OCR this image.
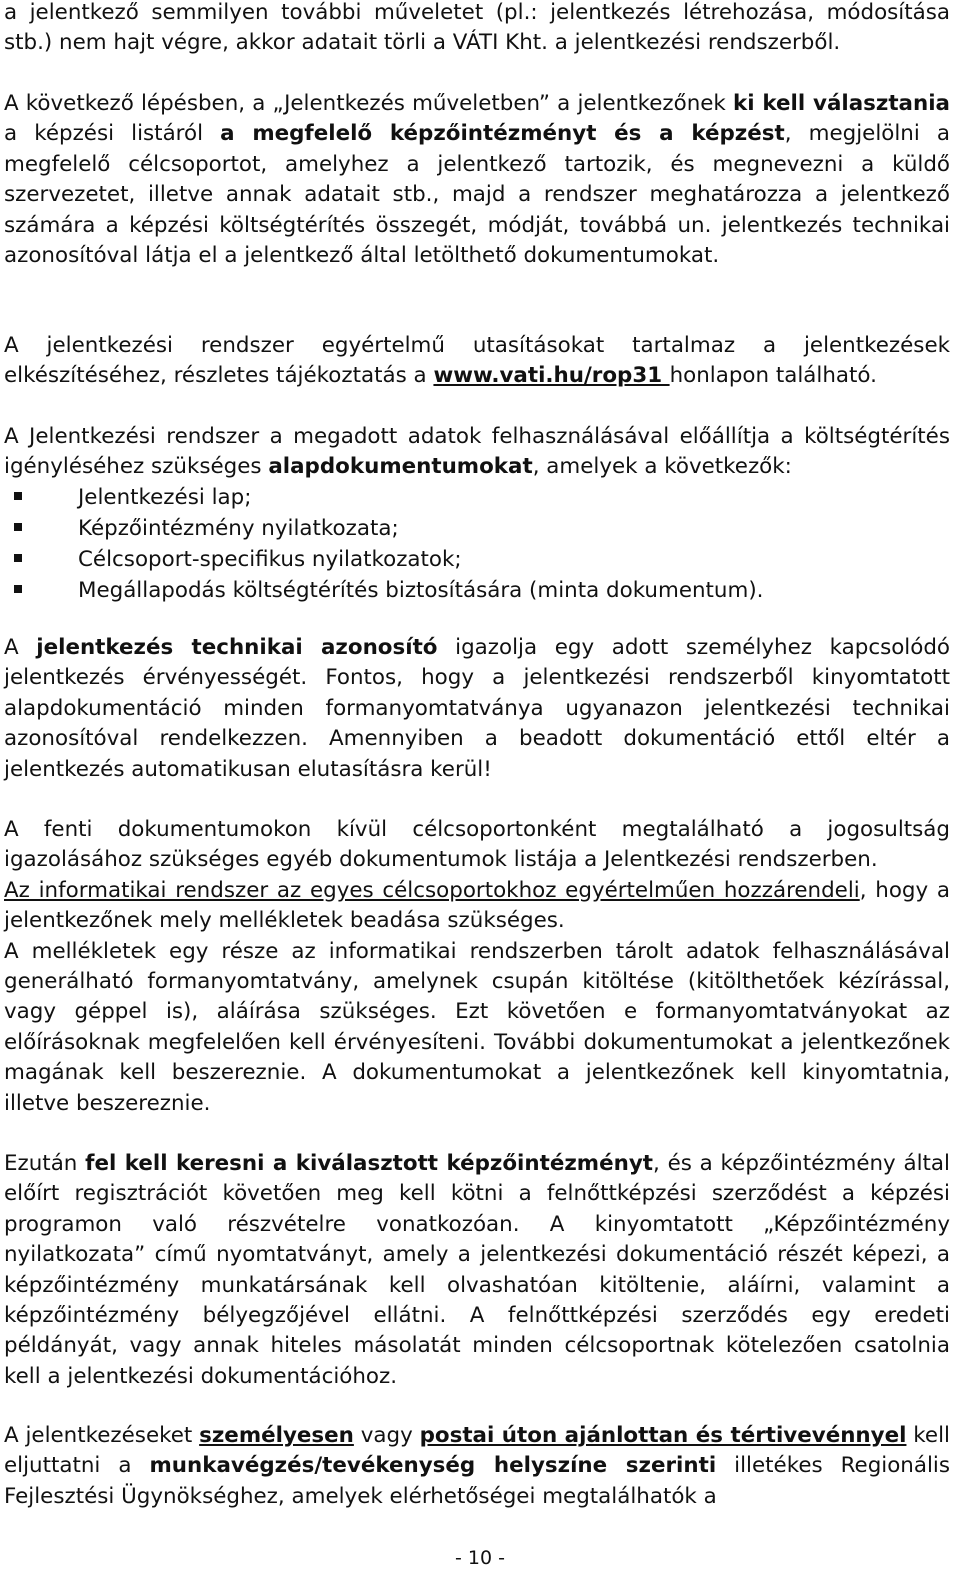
a jelentkező semmilyen további műveletet (pl.: jelentkezés létrehozása, módosítása stb.) nem hajt végre, akkor adatait törli a VÁTI Kht. a jelentkezési rendszerből.

A következő lépésben, a „Jelentkezés műveletben” a jelentkezőnek ki kell választania a képzési listáról a megfelelő képzőintézményt és a képzést, megjelölni a megfelelő célcsoportot, amelyhez a jelentkező tartozik, és megnevezni a küldő szervezetet, illetve annak adatait stb., majd a rendszer meghatározza a jelentkező számára a képzési költségtérítés összegét, módját, továbbá un. jelentkezés technikai azonosítóval látja el a jelentkező által letölthető dokumentumokat.

A jelentkezési rendszer egyértelmű utasításokat tartalmaz a jelentkezések elkészítéséhez, részletes tájékoztatás a www.vati.hu/rop31 honlapon található.

A Jelentkezési rendszer a megadott adatok felhasználásával előállítja a költségtérítés igényléséhez szükséges alapdokumentumokat, amelyek a következők:

Jelentkezési lap;
Képzőintézmény nyilatkozata;
Célcsoport-specifikus nyilatkozatok;
Megállapodás költségtérítés biztosítására (minta dokumentum).

A jelentkezés technikai azonosító igazolja egy adott személyhez kapcsolódó jelentkezés érvényességét. Fontos, hogy a jelentkezési rendszerből kinyomtatott alapdokumentáció minden formanyomtatványa ugyanazon jelentkezési technikai azonosítóval rendelkezzen. Amennyiben a beadott dokumentáció ettől eltér a jelentkezés automatikusan elutasításra kerül!

A fenti dokumentumokon kívül célcsoportonként megtalálható a jogosultság igazolásához szükséges egyéb dokumentumok listája a Jelentkezési rendszerben.
Az informatikai rendszer az egyes célcsoportokhoz egyértelműen hozzárendeli, hogy a jelentkezőnek mely mellékletek beadása szükséges.
A mellékletek egy része az informatikai rendszerben tárolt adatok felhasználásával generálható formanyomtatvány, amelynek csupán kitöltése (kitölthetőek kézírással, vagy géppel is), aláírása szükséges. Ezt követően e formanyomtatványokat az előírásoknak megfelelően kell érvényesíteni. További dokumentumokat a jelentkezőnek magának kell beszereznie. A dokumentumokat a jelentkezőnek kell kinyomtatnia, illetve beszereznie.

Ezután fel kell keresni a kiválasztott képzőintézményt, és a képzőintézmény által előírt regisztrációt követően meg kell kötni a felnőttképzési szerződést a képzési programon való részvételre vonatkozóan. A kinyomtatott „Képzőintézmény nyilatkozata” című nyomtatványt, amely a jelentkezési dokumentáció részét képezi, a képzőintézmény munkatársának kell olvashatóan kitöltenie, aláírni, valamint a képzőintézmény bélyegzőjével ellátni. A felnőttképzési szerződés egy eredeti példányát, vagy annak hiteles másolatát minden célcsoportnak kötelezően csatolnia kell a jelentkezési dokumentációhoz.

A jelentkezéseket személyesen vagy postai úton ajánlottan és tértivevénnyel kell eljuttatni a munkavégzés/tevékenység helyszíne szerinti illetékes Regionális Fejlesztési Ügynökséghez, amelyek elérhetőségei megtalálhatók a

- 10 -
